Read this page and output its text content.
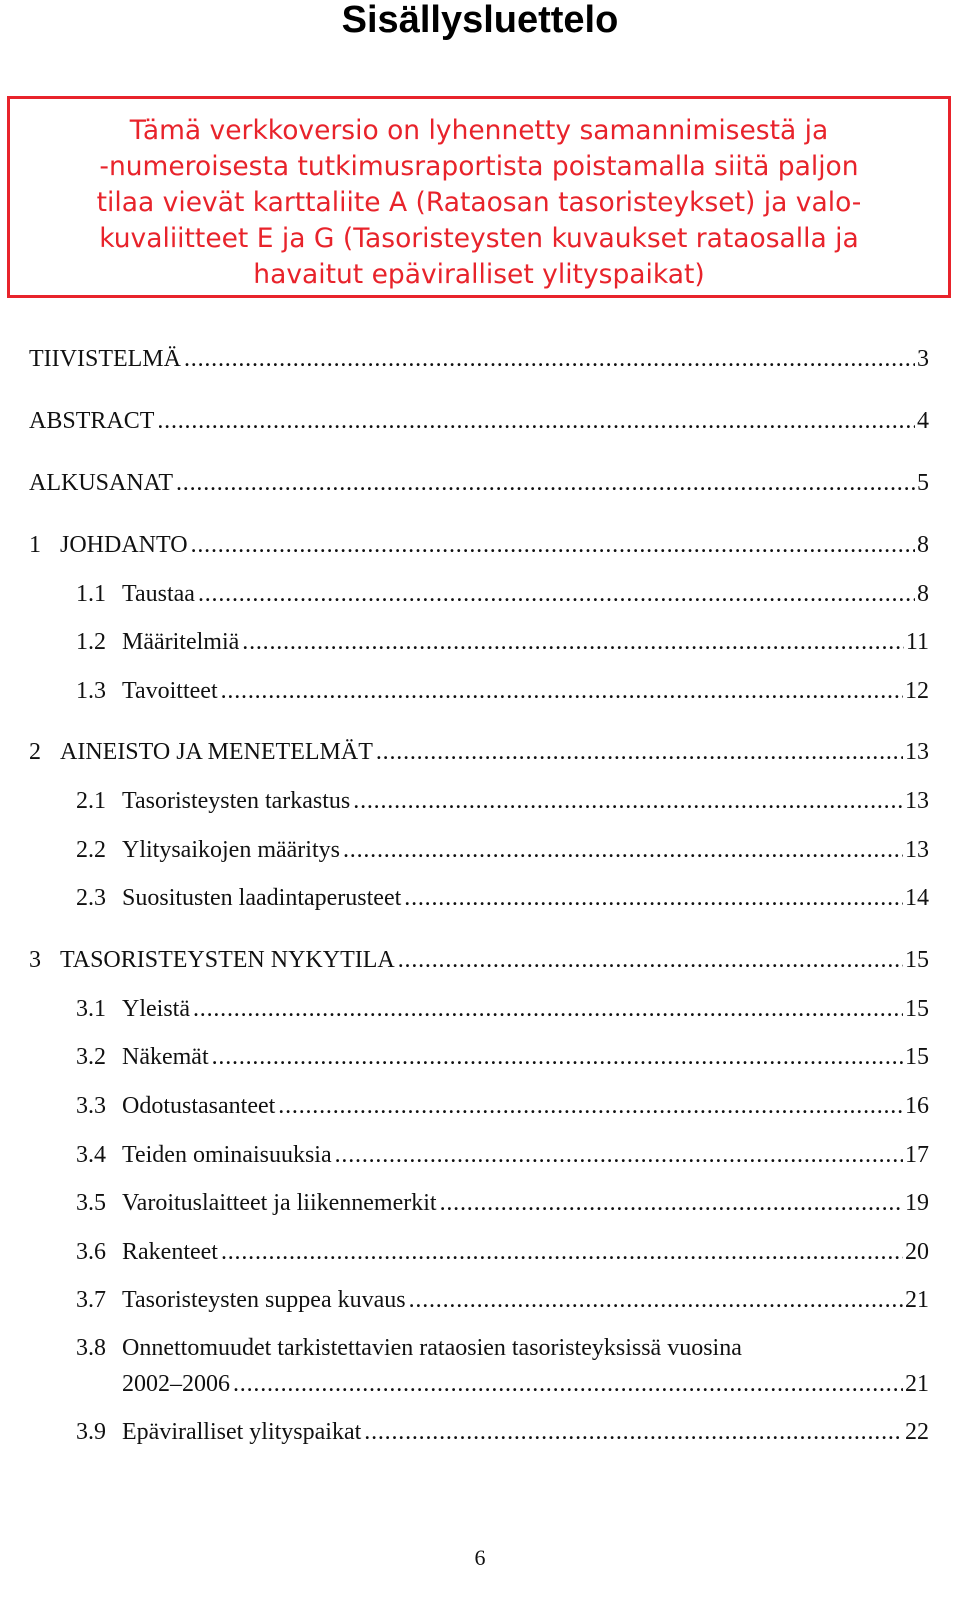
Sisällysluettelo
Tämä verkkoversio on lyhennetty samannimisestä ja
-numeroisesta tutkimusraportista poistamalla siitä paljon
tilaa vievät karttaliite A (Rataosan tasoristeykset) ja valo-
kuvaliitteet E ja G (Tasoristeysten kuvaukset rataosalla ja
havaitut epäviralliset ylityspaikat)
TIIVISTELMÄ . . .	3
ABSTRACT . . .	4
ALKUSANAT . . .	5
1 JOHDANTO . . .	8
1.1 Taustaa . . .	8
1.2 Määritelmiä . . .	11
1.3 Tavoitteet . . .	12
2 AINEISTO JA MENETELMÄT . . .	13
2.1 Tasoristeysten tarkastus . . .	13
2.2 Ylitysaikojen määritys . . .	13
2.3 Suositusten laadintaperusteet . . .	14
3 TASORISTEYSTEN NYKYTILA . . .	15
3.1 Yleistä . . .	15
3.2 Näkemät . . .	15
3.3 Odotustasanteet . . .	16
3.4 Teiden ominaisuuksia . . .	17
3.5 Varoituslaitteet ja liikennemerkit . . .	19
3.6 Rakenteet . . .	20
3.7 Tasoristeysten suppea kuvaus . . .	21
3.8 Onnettomuudet tarkistettavien rataosien tasoristeyksissä vuosina
2002–2006 . . .	21
3.9 Epäviralliset ylityspaikat . . .	22
6
